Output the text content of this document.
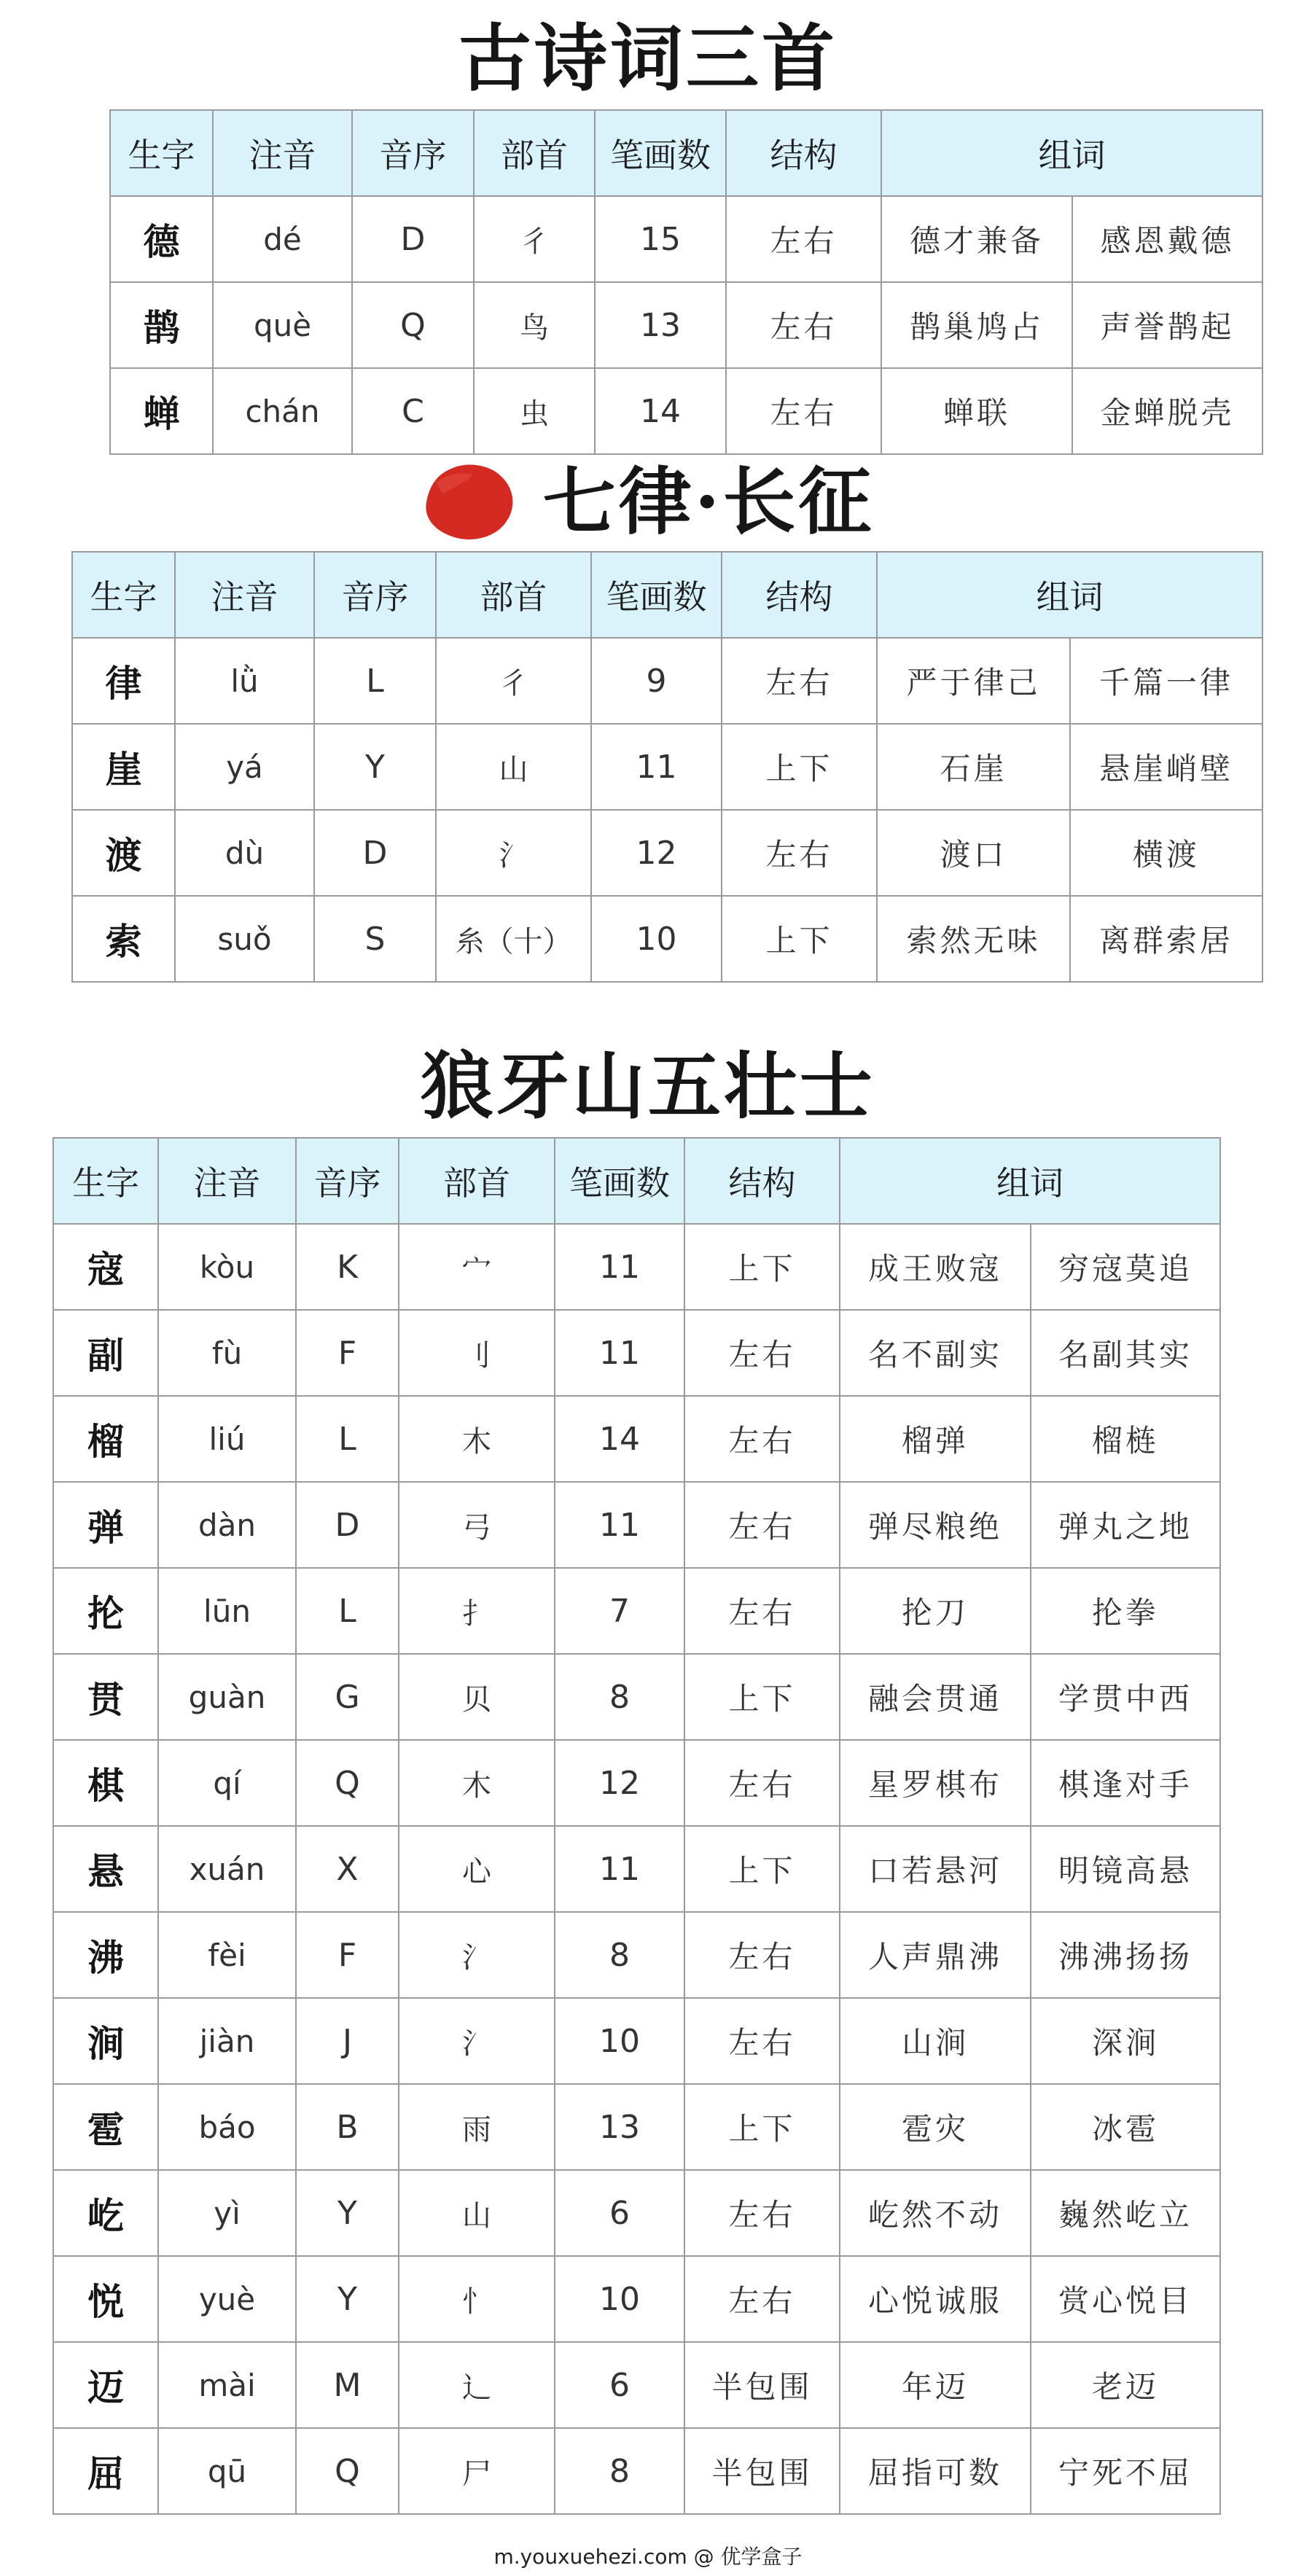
古诗词三首
生字	注音	音序	部首	笔画数	结构	组词	
德	dé	D	彳	15	左右	德才兼备	感恩戴德
鹊	què	Q	鸟	13	左右	鹊巢鸠占	声誉鹊起
蝉	chán	C	虫	14	左右	蝉联	金蝉脱壳
七律·长征
生字	注音	音序	部首	笔画数	结构	组词	
律	lǜ	L	彳	9	左右	严于律己	千篇一律
崖	yá	Y	山	11	上下	石崖	悬崖峭壁
渡	dù	D	氵	12	左右	渡口	横渡
索	suǒ	S	糸（十）	10	上下	索然无味	离群索居
狼牙山五壮士
生字	注音	音序	部首	笔画数	结构	组词	
寇	kòu	K	宀	11	上下	成王败寇	穷寇莫追
副	fù	F	刂	11	左右	名不副实	名副其实
榴	liú	L	木	14	左右	榴弹	榴梿
弹	dàn	D	弓	11	左右	弹尽粮绝	弹丸之地
抡	lūn	L	扌	7	左右	抡刀	抡拳
贯	guàn	G	贝	8	上下	融会贯通	学贯中西
棋	qí	Q	木	12	左右	星罗棋布	棋逢对手
悬	xuán	X	心	11	上下	口若悬河	明镜高悬
沸	fèi	F	氵	8	左右	人声鼎沸	沸沸扬扬
涧	jiàn	J	氵	10	左右	山涧	深涧
雹	báo	B	雨	13	上下	雹灾	冰雹
屹	yì	Y	山	6	左右	屹然不动	巍然屹立
悦	yuè	Y	忄	10	左右	心悦诚服	赏心悦目
迈	mài	M	辶	6	半包围	年迈	老迈
屈	qū	Q	尸	8	半包围	屈指可数	宁死不屈
m.youxuehezi.com @ 优学盒子
